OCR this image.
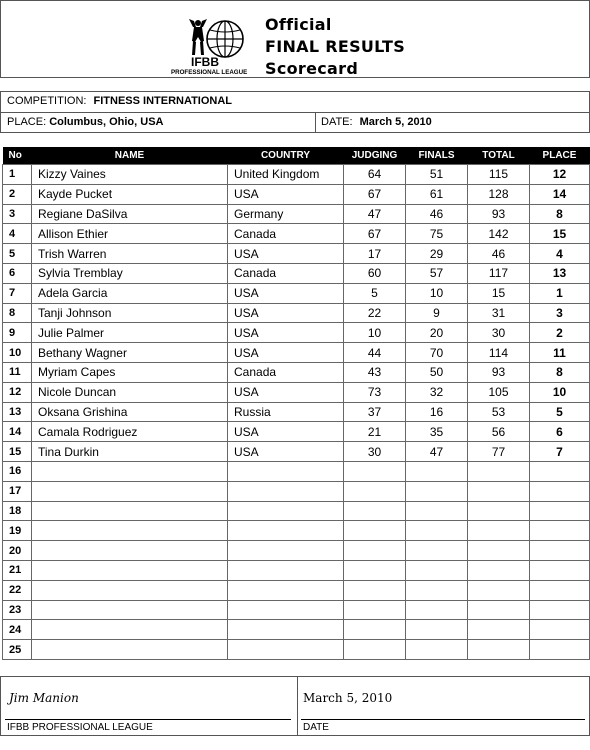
IFBB
PROFESSIONAL LEAGUE
Official
FINAL RESULTS
Scorecard
COMPETITION: FITNESS INTERNATIONAL
PLACE: Columbus, Ohio, USA	DATE: March 5, 2010
No	NAME	COUNTRY	JUDGING	FINALS	TOTAL	PLACE
1	Kizzy Vaines	United Kingdom	64	51	115	12
2	Kayde Pucket	USA	67	61	128	14
3	Regiane DaSilva	Germany	47	46	93	8
4	Allison Ethier	Canada	67	75	142	15
5	Trish Warren	USA	17	29	46	4
6	Sylvia Tremblay	Canada	60	57	117	13
7	Adela Garcia	USA	5	10	15	1
8	Tanji Johnson	USA	22	9	31	3
9	Julie Palmer	USA	10	20	30	2
10	Bethany Wagner	USA	44	70	114	11
11	Myriam Capes	Canada	43	50	93	8
12	Nicole Duncan	USA	73	32	105	10
13	Oksana Grishina	Russia	37	16	53	5
14	Camala Rodriguez	USA	21	35	56	6
15	Tina Durkin	USA	30	47	77	7
16						
17						
18						
19						
20						
21						
22						
23						
24						
25						
Jim Manion
IFBB PROFESSIONAL LEAGUE
March 5, 2010
DATE
